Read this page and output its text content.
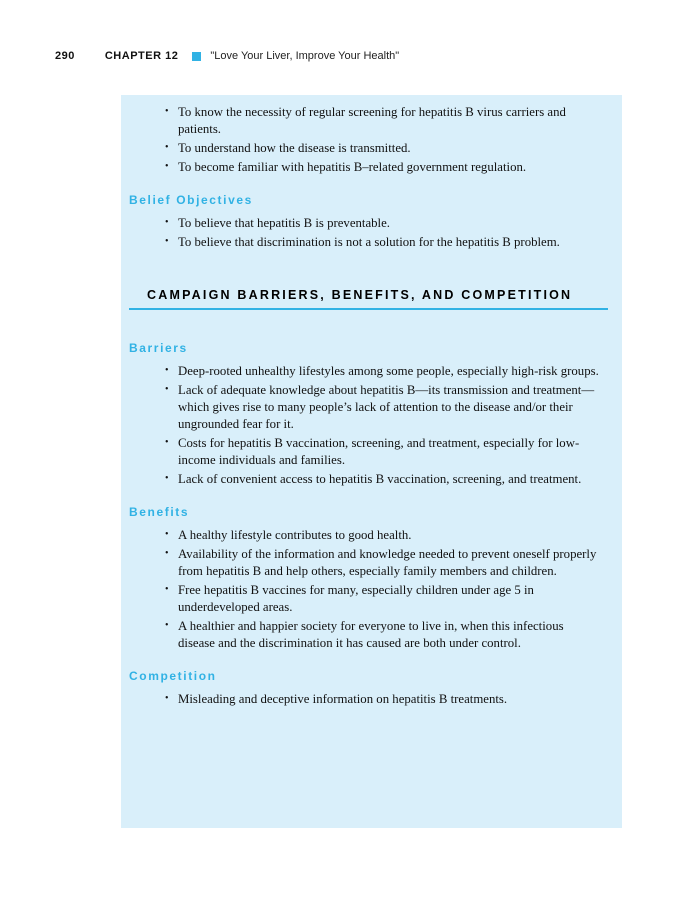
290	CHAPTER 12	"Love Your Liver, Improve Your Health"
• To know the necessity of regular screening for hepatitis B virus carriers and patients.
• To understand how the disease is transmitted.
• To become familiar with hepatitis B–related government regulation.
Belief Objectives
• To believe that hepatitis B is preventable.
• To believe that discrimination is not a solution for the hepatitis B problem.
CAMPAIGN BARRIERS, BENEFITS, AND COMPETITION
Barriers
• Deep-rooted unhealthy lifestyles among some people, especially high-risk groups.
• Lack of adequate knowledge about hepatitis B—its transmission and treatment—which gives rise to many people’s lack of attention to the disease and/or their ungrounded fear for it.
• Costs for hepatitis B vaccination, screening, and treatment, especially for low-income individuals and families.
• Lack of convenient access to hepatitis B vaccination, screening, and treatment.
Benefits
• A healthy lifestyle contributes to good health.
• Availability of the information and knowledge needed to prevent oneself properly from hepatitis B and help others, especially family members and children.
• Free hepatitis B vaccines for many, especially children under age 5 in underdeveloped areas.
• A healthier and happier society for everyone to live in, when this infectious disease and the discrimination it has caused are both under control.
Competition
• Misleading and deceptive information on hepatitis B treatments.
